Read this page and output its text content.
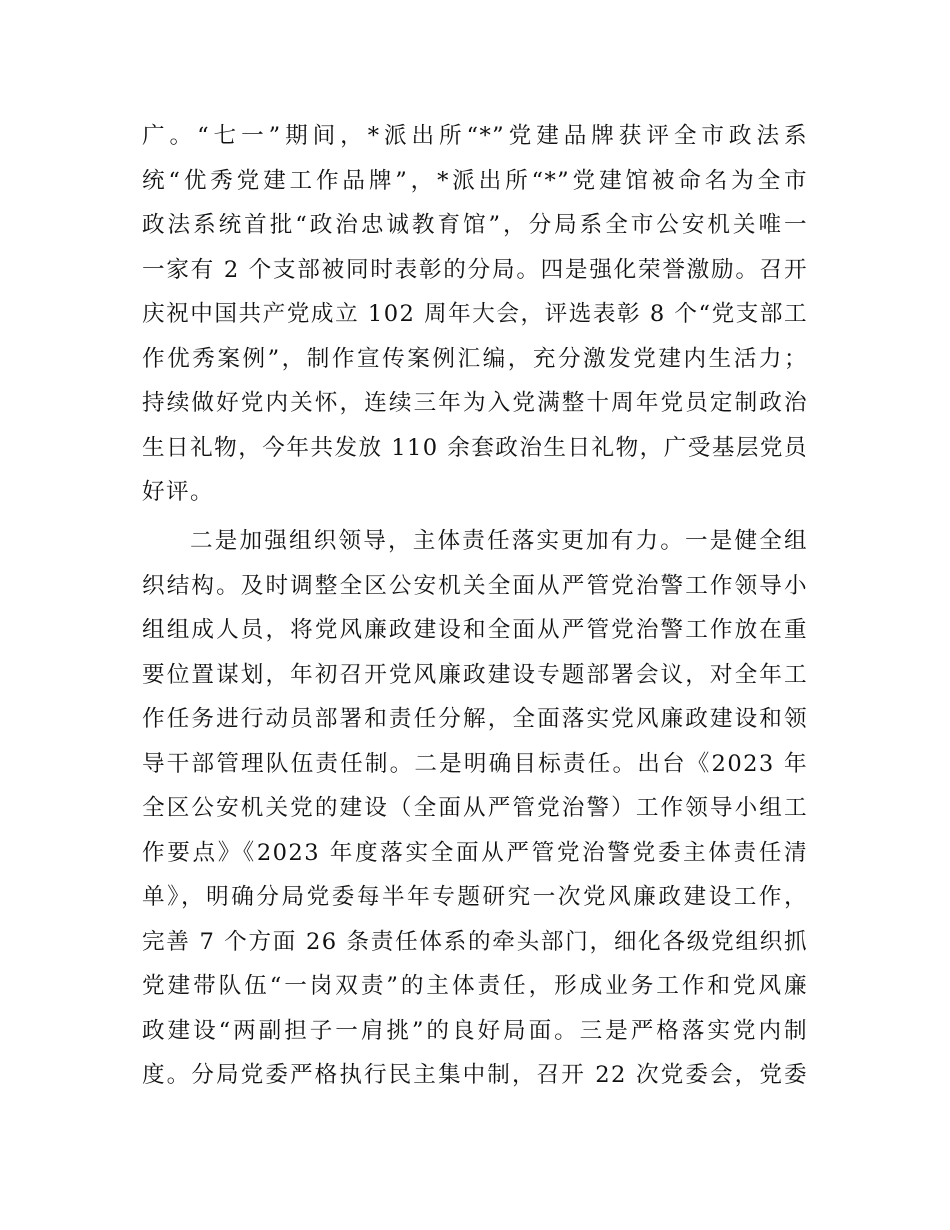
广。“七一”期间，*派出所“*”党建品牌获评全市政法系
统“优秀党建工作品牌”，*派出所“*”党建馆被命名为全市
政法系统首批“政治忠诚教育馆”，分局系全市公安机关唯一
一家有 2 个支部被同时表彰的分局。四是强化荣誉激励。召开
庆祝中国共产党成立 102 周年大会，评选表彰 8 个“党支部工
作优秀案例”，制作宣传案例汇编，充分激发党建内生活力；
持续做好党内关怀，连续三年为入党满整十周年党员定制政治
生日礼物，今年共发放 110 余套政治生日礼物，广受基层党员
好评。
二是加强组织领导，主体责任落实更加有力。一是健全组
织结构。及时调整全区公安机关全面从严管党治警工作领导小
组组成人员，将党风廉政建设和全面从严管党治警工作放在重
要位置谋划，年初召开党风廉政建设专题部署会议，对全年工
作任务进行动员部署和责任分解，全面落实党风廉政建设和领
导干部管理队伍责任制。二是明确目标责任。出台《2023 年
全区公安机关党的建设（全面从严管党治警）工作领导小组工
作要点》《2023 年度落实全面从严管党治警党委主体责任清
单》，明确分局党委每半年专题研究一次党风廉政建设工作，
完善 7 个方面 26 条责任体系的牵头部门，细化各级党组织抓
党建带队伍“一岗双责”的主体责任，形成业务工作和党风廉
政建设“两副担子一肩挑”的良好局面。三是严格落实党内制
度。分局党委严格执行民主集中制，召开 22 次党委会，党委
